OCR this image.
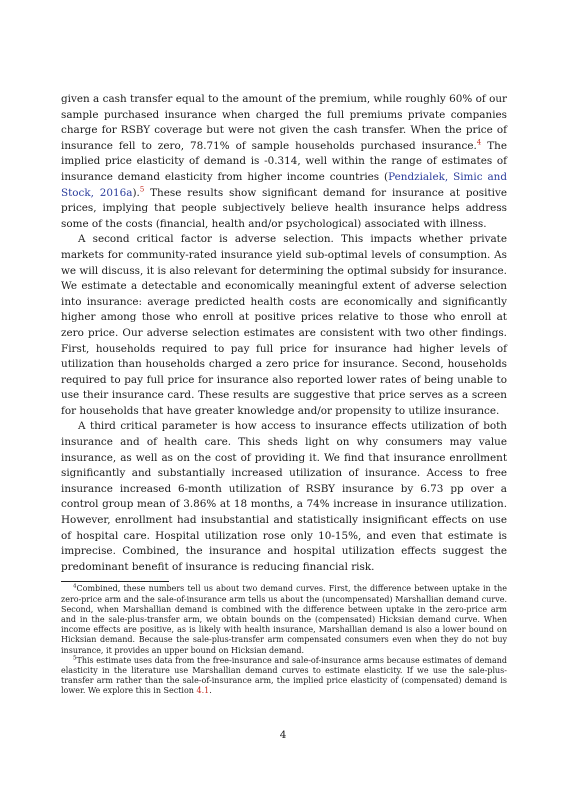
given a cash transfer equal to the amount of the premium, while roughly 60% of our sample purchased insurance when charged the full premiums private companies charge for RSBY coverage but were not given the cash transfer. When the price of insurance fell to zero, 78.71% of sample households purchased insurance.$^4$ The implied price elasticity of demand is -0.314, well within the range of estimates of insurance demand elasticity from higher income countries (Pendzialek, Simic and Stock, 2016a).$^5$ These results show significant demand for insurance at positive prices, implying that people subjectively believe health insurance helps address some of the costs (financial, health and/or psychological) associated with illness.

A second critical factor is adverse selection. This impacts whether private markets for community-rated insurance yield sub-optimal levels of consumption. As we will discuss, it is also relevant for determining the optimal subsidy for insurance. We estimate a detectable and economically meaningful extent of adverse selection into insurance: average predicted health costs are economically and significantly higher among those who enroll at positive prices relative to those who enroll at zero price. Our adverse selection estimates are consistent with two other findings. First, households required to pay full price for insurance had higher levels of utilization than households charged a zero price for insurance. Second, households required to pay full price for insurance also reported lower rates of being unable to use their insurance card. These results are suggestive that price serves as a screen for households that have greater knowledge and/or propensity to utilize insurance.

A third critical parameter is how access to insurance effects utilization of both insurance and of health care. This sheds light on why consumers may value insurance, as well as on the cost of providing it. We find that insurance enrollment significantly and substantially increased utilization of insurance. Access to free insurance increased 6-month utilization of RSBY insurance by 6.73 pp over a control group mean of 3.86% at 18 months, a 74% increase in insurance utilization. However, enrollment had insubstantial and statistically insignificant effects on use of hospital care. Hospital utilization rose only 10-15%, and even that estimate is imprecise. Combined, the insurance and hospital utilization effects suggest the predominant benefit of insurance is reducing financial risk.

$^4$Combined, these numbers tell us about two demand curves. First, the difference between uptake in the zero-price arm and the sale-of-insurance arm tells us about the (uncompensated) Marshallian demand curve. Second, when Marshallian demand is combined with the difference between uptake in the zero-price arm and in the sale-plus-transfer arm, we obtain bounds on the (compensated) Hicksian demand curve. When income effects are positive, as is likely with health insurance, Marshallian demand is also a lower bound on Hicksian demand. Because the sale-plus-transfer arm compensated consumers even when they do not buy insurance, it provides an upper bound on Hicksian demand.

$^5$This estimate uses data from the free-insurance and sale-of-insurance arms because estimates of demand elasticity in the literature use Marshallian demand curves to estimate elasticity. If we use the sale-plus-transfer arm rather than the sale-of-insurance arm, the implied price elasticity of (compensated) demand is lower. We explore this in Section 4.1.

4
